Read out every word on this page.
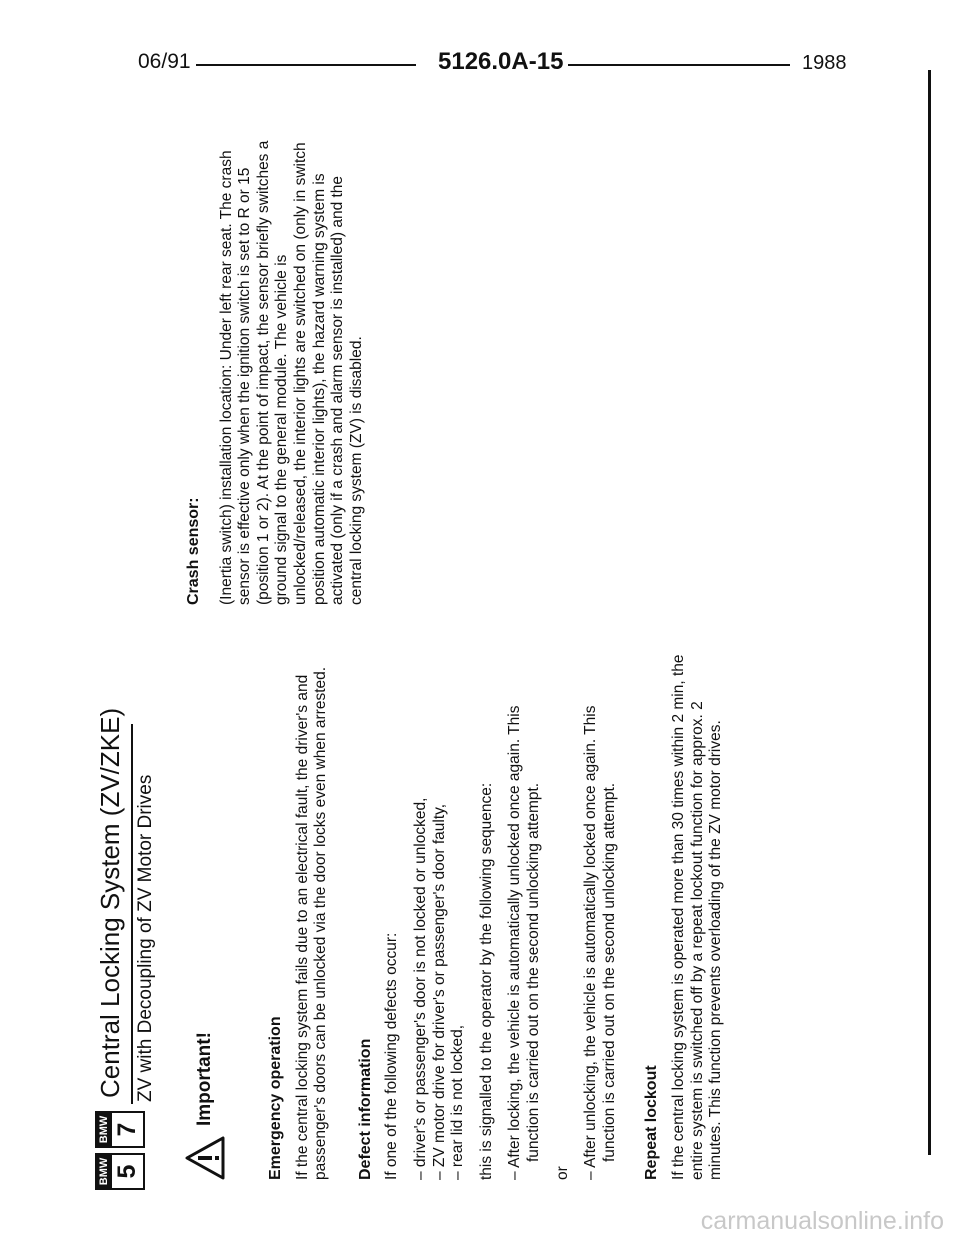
06/91	5126.0A-15	1988
BMW 5
BMW 7
Central Locking System (ZV/ZKE) ZV with Decoupling of ZV Motor Drives Important!	Emergency operation If the central locking system fails due to an electrical fault, the driver's and passenger's doors can be unlocked via the door locks even when arrested. Defect information If one of the following defects occur: – driver's or passenger's door is not locked or unlocked, – ZV motor drive for driver's or passenger's door faulty, – rear lid is not locked, this is signalled to the operator by the following sequence: – After locking, the vehicle is automatically unlocked once again. This function is carried out on the second unlocking attempt.

or – After unlocking, the vehicle is automatically locked once again. This function is carried out on the second unlocking attempt. Repeat lockout If the central locking system is operated more than 30 times within 2 min, the entire system is switched off by a repeat lockout function for approx. 2 minutes. This function prevents overloading of the ZV motor drives.

Crash sensor: (Inertia switch) installation location: Under left rear seat. The crash sensor is effective only when the ignition switch is set to R or 15 (position 1 or 2). At the point of impact, the sensor briefly switches a ground signal to the general module. The vehicle is unlocked/released, the interior lights are switched on (only in switch position automatic interior lights), the hazard warning system is activated (only if a crash and alarm sensor is installed) and the central locking system (ZV) is disabled.

carmanualsonline.info
